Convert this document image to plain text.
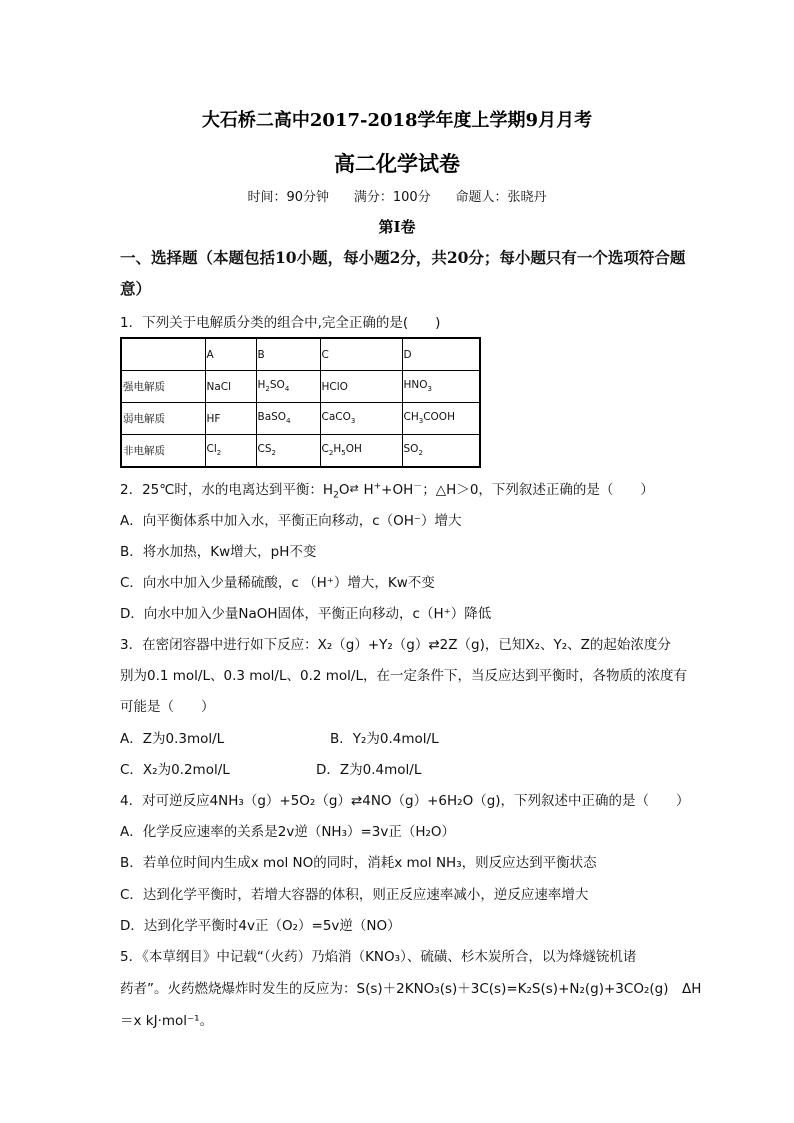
大石桥二高中2017-2018学年度上学期9月月考
高二化学试卷
时间：90分钟      满分：100分      命题人：张晓丹
第Ⅰ卷
一、选择题（本题包括10小题，每小题2分，共20分；每小题只有一个选项符合题意）
1．下列关于电解质分类的组合中,完全正确的是(　　)
	A	B	C	D
强电解质	NaCl	$H_2SO_4$	HClO	$HNO_3$
弱电解质	HF	BaSO$_4$	CaCO$_3$	$CH_3COOH$
非电解质	$Cl_2$	$CS_2$	$C_2H_5OH$	$SO_2$
2．25℃时，水的电离达到平衡：$H_2O$ H++OH－；△H＞0，下列叙述正确的是（　　）
A．向平衡体系中加入水，平衡正向移动，c（OH⁻）增大
B．将水加热，Kw增大，pH不变
C．向水中加入少量稀硫酸，c （H⁺）增大，Kw不变
D．向水中加入少量NaOH固体，平衡正向移动，c（H⁺）降低
3．在密闭容器中进行如下反应：X₂（g）+Y₂（g）⇄2Z（g)，已知X₂、Y₂、Z的起始浓度分
别为0.1 mol/L、0.3 mol/L、0.2 mol/L，在一定条件下，当反应达到平衡时，各物质的浓度有
可能是（　　）
A．Z为0.3mol/L	B．Y₂为0.4mol/L
C．X₂为0.2mol/L	D．Z为0.4mol/L
4．对可逆反应4NH₃（g）+5O₂（g）⇄4NO（g）+6H₂O（g)，下列叙述中正确的是（　　）
A．化学反应速率的关系是2v逆（NH₃）=3v正（H₂O）
B．若单位时间内生成x mol NO的同时，消耗x mol NH₃，则反应达到平衡状态
C．达到化学平衡时，若增大容器的体积，则正反应速率减小，逆反应速率增大
D．达到化学平衡时4v正（O₂）=5v逆（NO）
5．《本草纲目》中记载“（火药）乃焰消（KNO₃）、硫磺、杉木炭所合，以为烽燧铳机诸
药者”。火药燃烧爆炸时发生的反应为：S(s)＋2KNO₃(s)＋3C(s)=K₂S(s)+N₂(g)+3CO₂(g)　ΔH
＝x kJ·mol⁻¹。
